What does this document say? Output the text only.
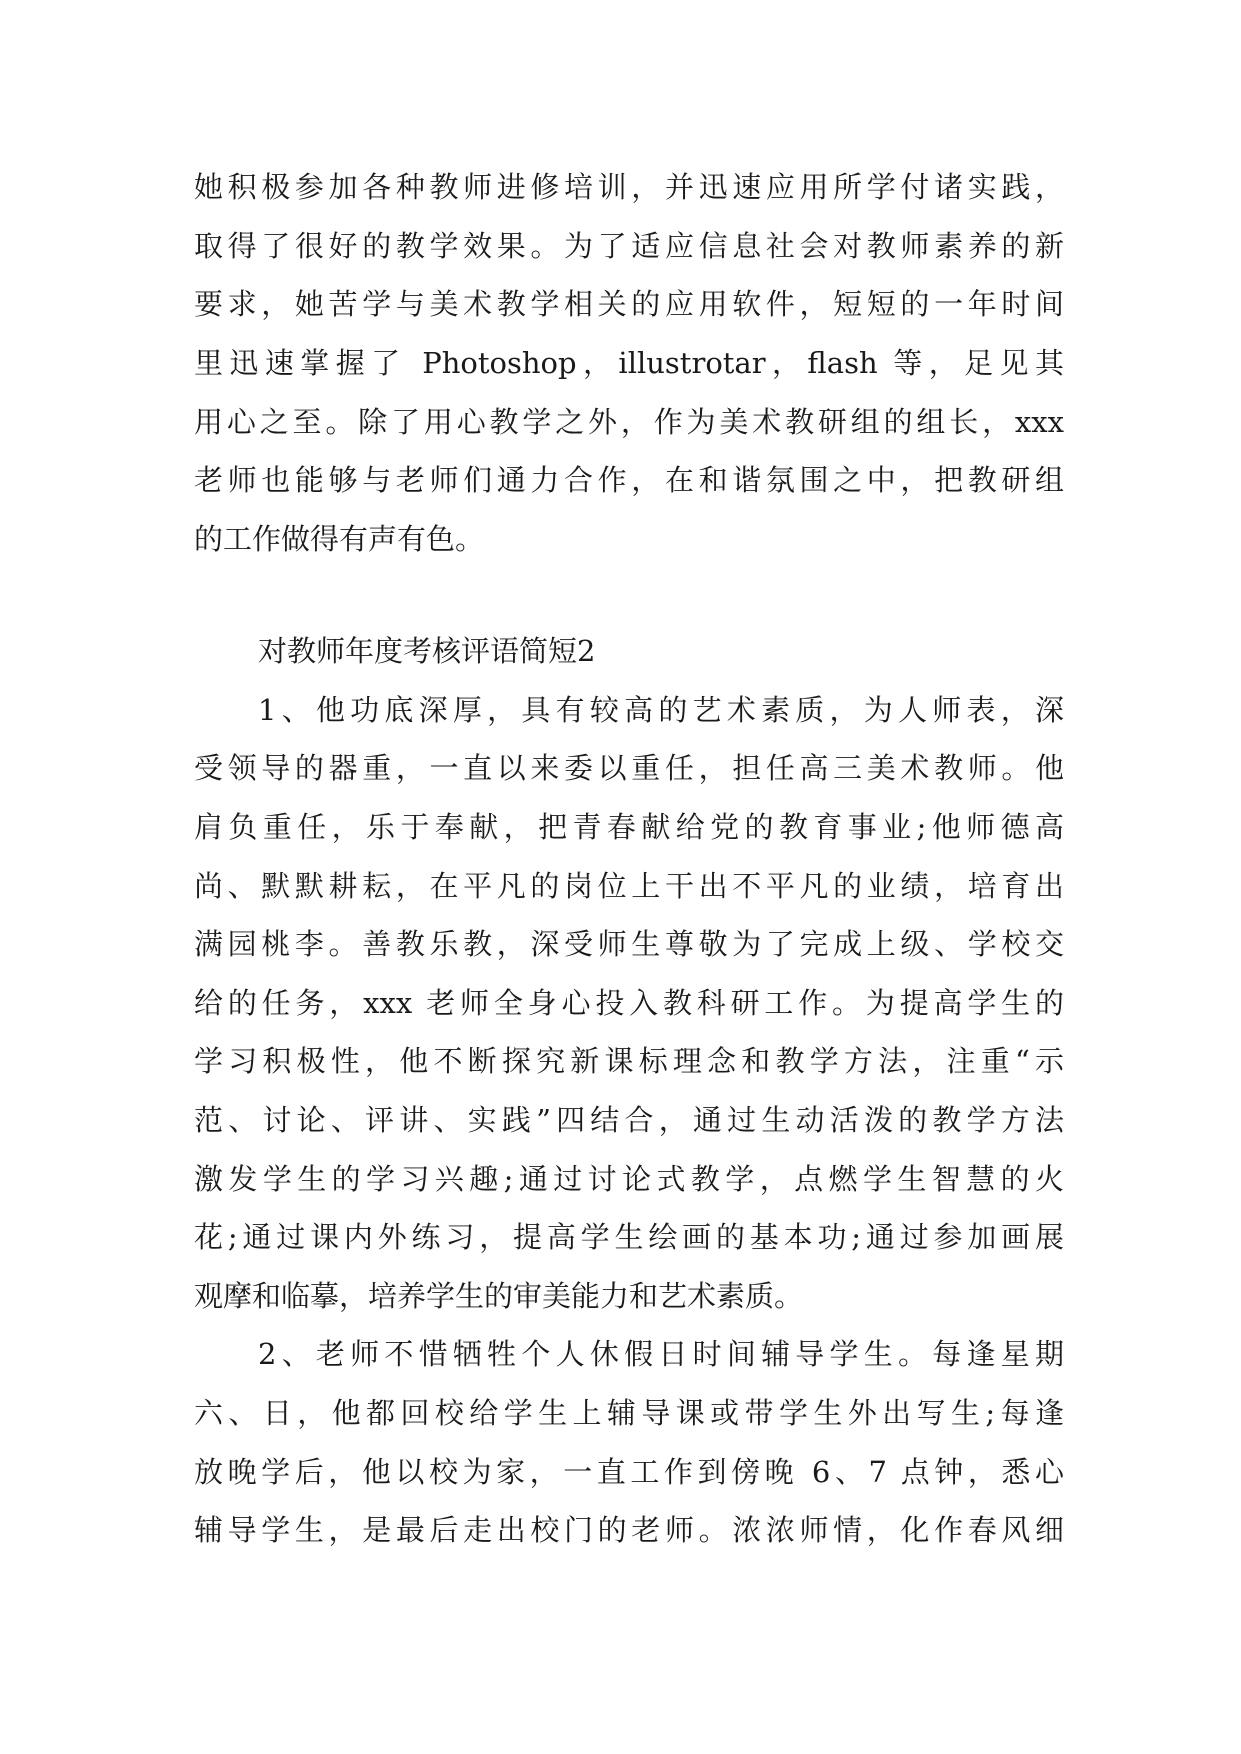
她积极参加各种教师进修培训，并迅速应用所学付诸实践，
取得了很好的教学效果。为了适应信息社会对教师素养的新
要求，她苦学与美术教学相关的应用软件，短短的一年时间
里迅速掌握了 Photoshop，illustrotar，flash 等，足见其
用心之至。除了用心教学之外，作为美术教研组的组长，xxx
老师也能够与老师们通力合作，在和谐氛围之中，把教研组
的工作做得有声有色。
对教师年度考核评语简短2
1、他功底深厚，具有较高的艺术素质，为人师表，深
受领导的器重，一直以来委以重任，担任高三美术教师。他
肩负重任，乐于奉献，把青春献给党的教育事业;他师德高
尚、默默耕耘，在平凡的岗位上干出不平凡的业绩，培育出
满园桃李。善教乐教，深受师生尊敬为了完成上级、学校交
给的任务，xxx 老师全身心投入教科研工作。为提高学生的
学习积极性，他不断探究新课标理念和教学方法，注重“示
范、讨论、评讲、实践”四结合，通过生动活泼的教学方法
激发学生的学习兴趣;通过讨论式教学，点燃学生智慧的火
花;通过课内外练习，提高学生绘画的基本功;通过参加画展
观摩和临摹，培养学生的审美能力和艺术素质。
2、老师不惜牺牲个人休假日时间辅导学生。每逢星期
六、日，他都回校给学生上辅导课或带学生外出写生;每逢
放晚学后，他以校为家，一直工作到傍晚 6、7 点钟，悉心
辅导学生，是最后走出校门的老师。浓浓师情，化作春风细
